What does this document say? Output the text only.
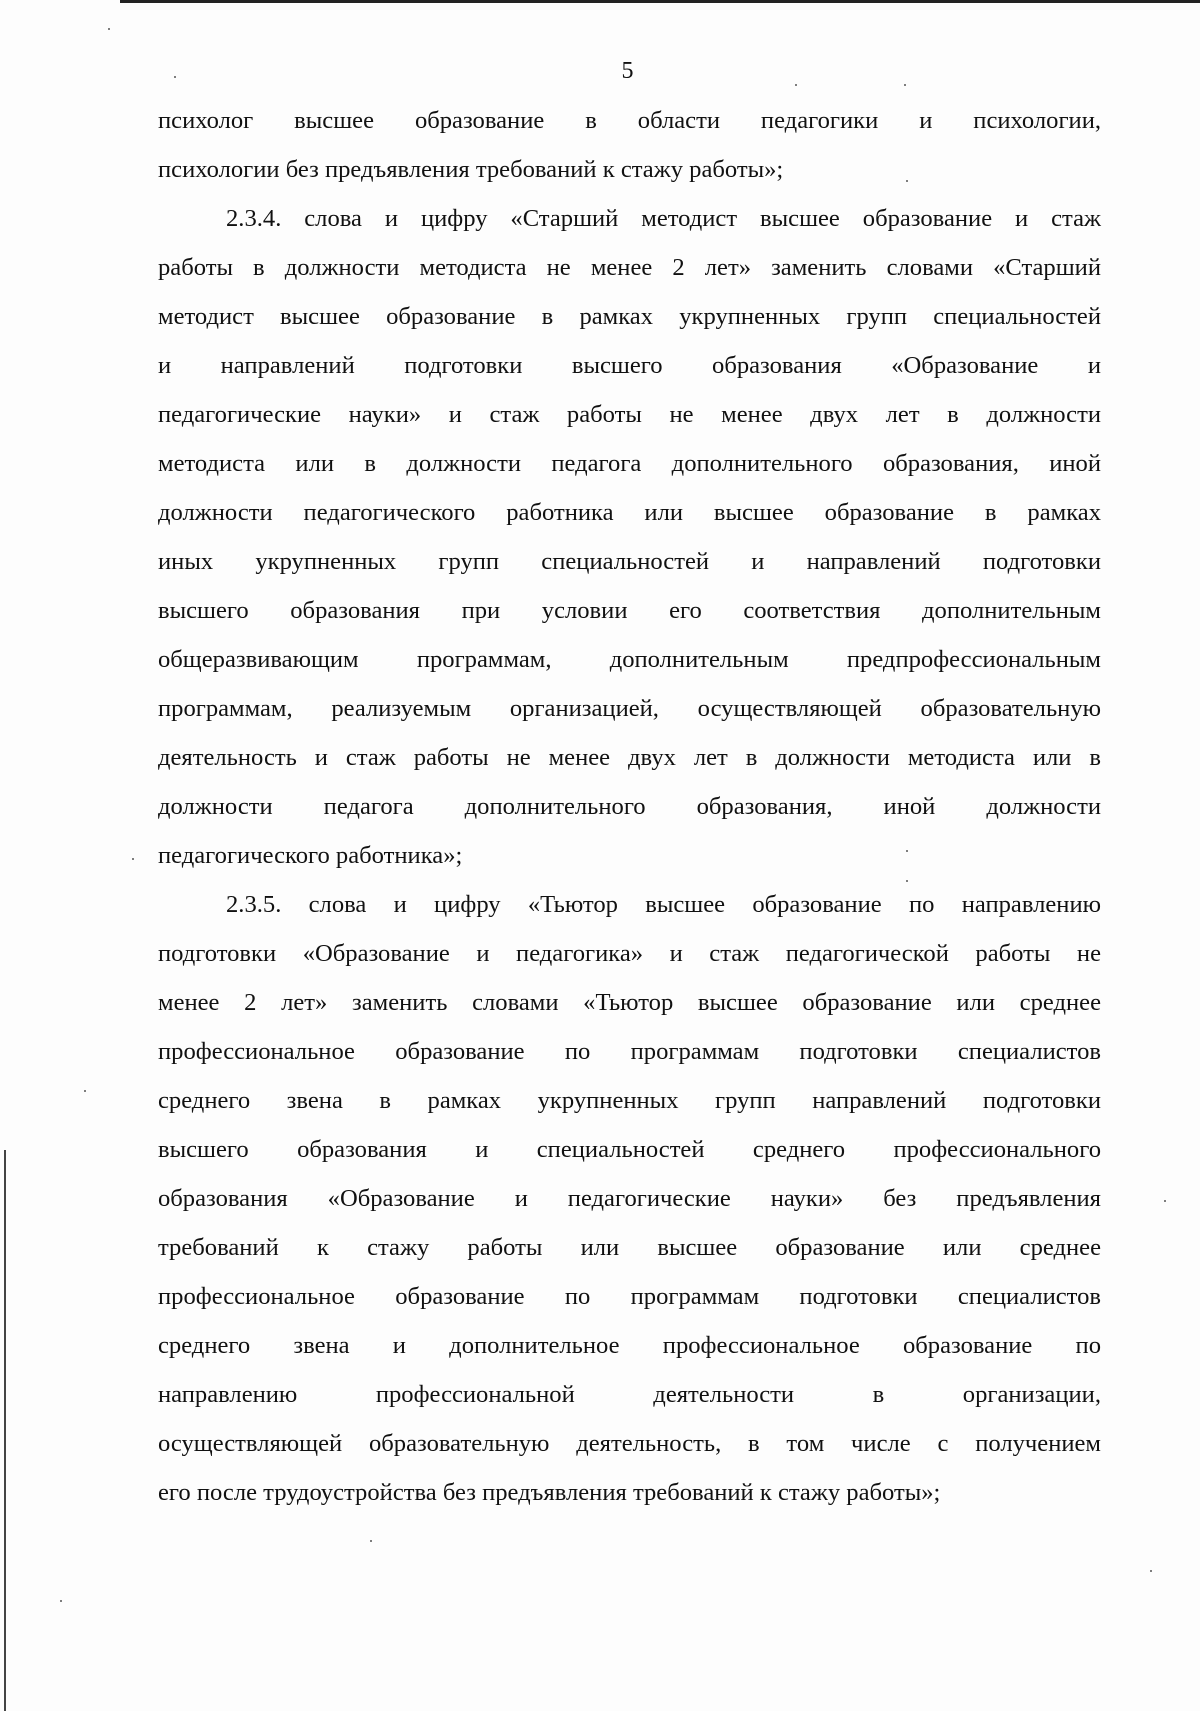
5
психолог высшее образование в области педагогики и психологии,
психологии без предъявления требований к стажу работы»;
2.3.4. слова и цифру «Старший методист высшее образование и стаж
работы в должности методиста не менее 2 лет» заменить словами «Старший
методист высшее образование в рамках укрупненных групп специальностей
и направлений подготовки высшего образования «Образование и
педагогические науки» и стаж работы не менее двух лет в должности
методиста или в должности педагога дополнительного образования, иной
должности педагогического работника или высшее образование в рамках
иных укрупненных групп специальностей и направлений подготовки
высшего образования при условии его соответствия дополнительным
общеразвивающим программам, дополнительным предпрофессиональным
программам, реализуемым организацией, осуществляющей образовательную
деятельность и стаж работы не менее двух лет в должности методиста или в
должности педагога дополнительного образования, иной должности
педагогического работника»;
2.3.5. слова и цифру «Тьютор высшее образование по направлению
подготовки «Образование и педагогика» и стаж педагогической работы не
менее 2 лет» заменить словами «Тьютор высшее образование или среднее
профессиональное образование по программам подготовки специалистов
среднего звена в рамках укрупненных групп направлений подготовки
высшего образования и специальностей среднего профессионального
образования «Образование и педагогические науки» без предъявления
требований к стажу работы или высшее образование или среднее
профессиональное образование по программам подготовки специалистов
среднего звена и дополнительное профессиональное образование по
направлению профессиональной деятельности в организации,
осуществляющей образовательную деятельность, в том числе с получением
его после трудоустройства без предъявления требований к стажу работы»;
